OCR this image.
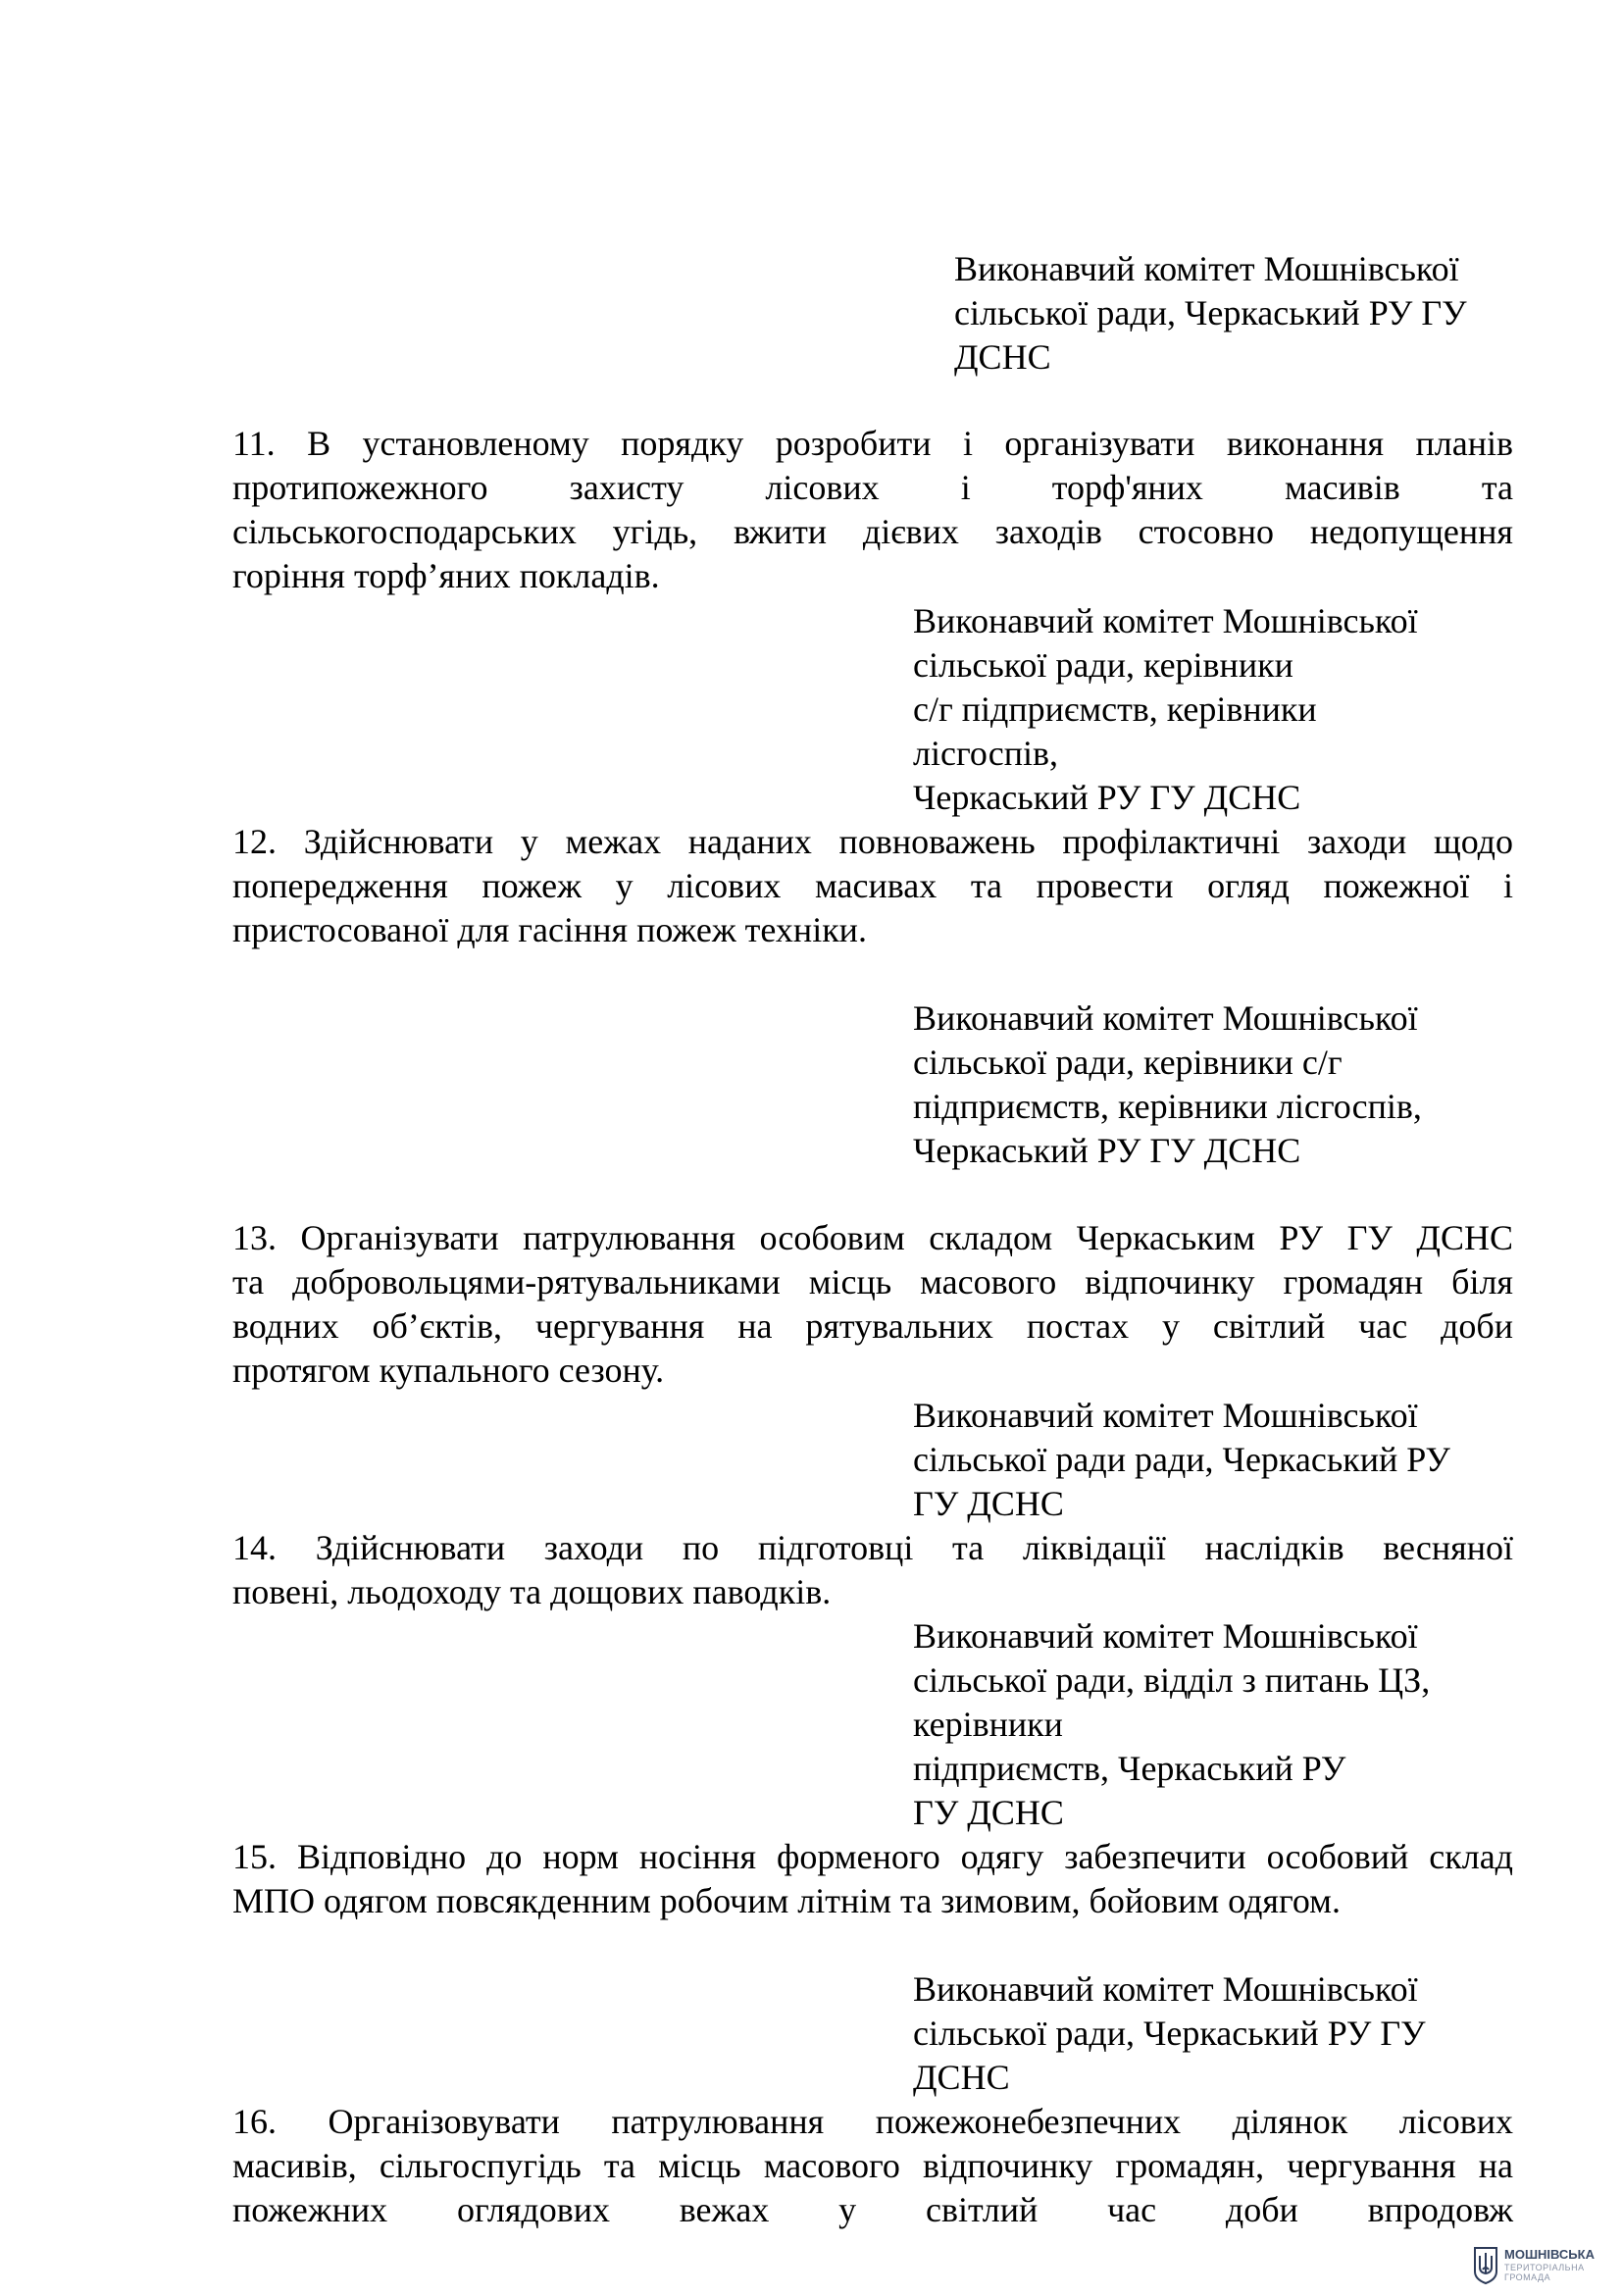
Виконавчий комітет Мошнівської
сільської ради, Черкаський РУ ГУ
ДСНС
11. В установленому порядку розробити і організувати виконання планів
протипожежного захисту лісових і торф'яних масивів та
сільськогосподарських угідь, вжити дієвих заходів стосовно недопущення
горіння торф’яних покладів.
Виконавчий комітет Мошнівської
сільської ради, керівники
с/г підприємств, керівники
лісгоспів,
Черкаський РУ ГУ ДСНС
12. Здійснювати у межах наданих повноважень профілактичні заходи щодо
попередження пожеж у лісових масивах та провести огляд пожежної і
пристосованої для гасіння пожеж техніки.
Виконавчий комітет Мошнівської
сільської ради, керівники с/г
підприємств, керівники лісгоспів,
Черкаський РУ ГУ ДСНС
13. Організувати патрулювання особовим складом Черкаським РУ ГУ ДСНС
та добровольцями-рятувальниками місць масового відпочинку громадян біля
водних об’єктів, чергування на рятувальних постах у світлий час доби
протягом купального сезону.
Виконавчий комітет Мошнівської
сільської ради ради, Черкаський РУ
ГУ ДСНС
14. Здійснювати заходи по підготовці та ліквідації наслідків весняної
повені, льодоходу та дощових паводків.
Виконавчий комітет Мошнівської
сільської ради, відділ з питань ЦЗ,
керівники
підприємств, Черкаський РУ
ГУ ДСНС
15. Відповідно до норм носіння форменого одягу забезпечити особовий склад
МПО одягом повсякденним робочим літнім та зимовим, бойовим одягом.
Виконавчий комітет Мошнівської
сільської ради, Черкаський РУ ГУ
ДСНС
16. Організовувати патрулювання пожежонебезпечних ділянок лісових
масивів, сільгоспугідь та місць масового відпочинку громадян, чергування на
пожежних оглядових вежах у світлий час доби впродовж
МОШНІВСЬКА
ТЕРИТОРІАЛЬНА
ГРОМАДА
